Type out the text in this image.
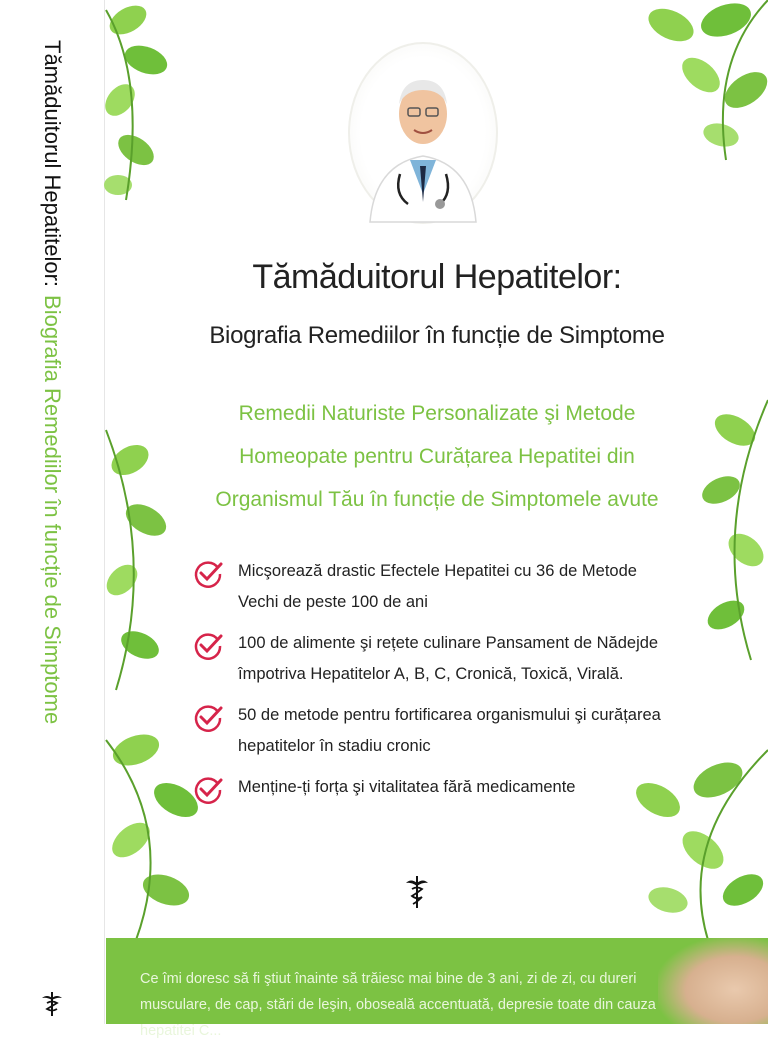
Tămăduitorul Hepatitelor:Biografia Remediilor în funcție de Simptome
Tămăduitorul Hepatitelor:
Biografia Remediilor în funcție de Simptome
Remedii Naturiste Personalizate şi Metode
Homeopate pentru Curățarea Hepatitei din
Organismul Tău în funcție de Simptomele avute
Micşorează drastic Efectele Hepatitei cu 36 de Metode Vechi de peste 100 de ani
100 de alimente şi rețete culinare Pansament de Nădejde împotriva Hepatitelor A, B, C, Cronică, Toxică, Virală.
50 de metode pentru fortificarea organismului şi curățarea hepatitelor în stadiu cronic
Menține-ți forța şi vitalitatea fără medicamente
Ce îmi doresc să fi ştiut înainte să trăiesc mai bine de 3 ani, zi de zi, cu dureri musculare, de cap, stări de leşin, oboseală accentuată, depresie toate din cauza hepatitei C...
